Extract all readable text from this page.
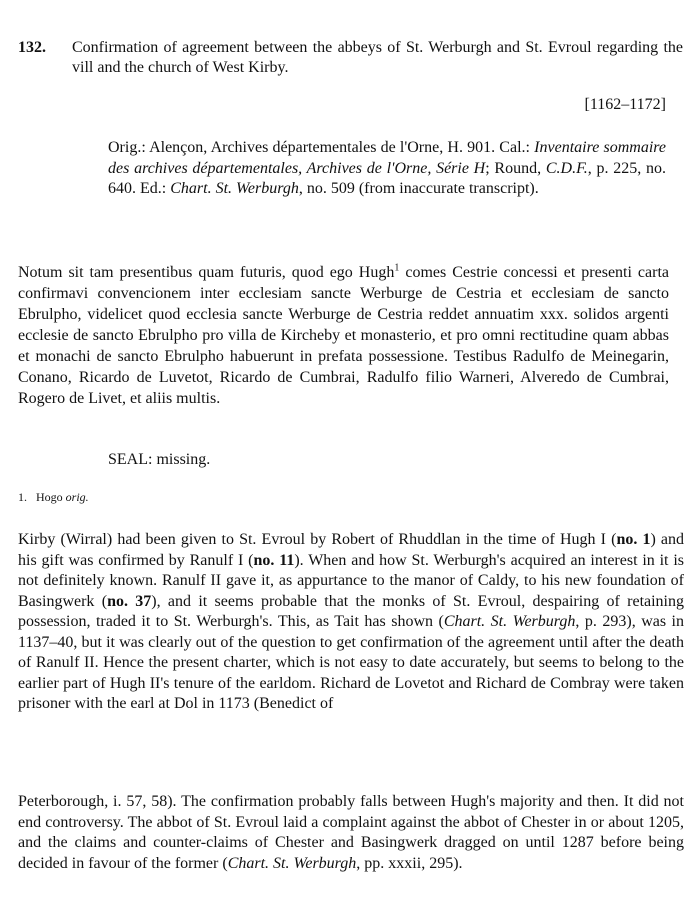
132. Confirmation of agreement between the abbeys of St. Werburgh and St. Evroul regarding the vill and the church of West Kirby.
[1162–1172]
Orig.: Alençon, Archives départementales de l'Orne, H. 901. Cal.: Inventaire sommaire des archives départementales, Archives de l'Orne, Série H; Round, C.D.F., p. 225, no. 640. Ed.: Chart. St. Werburgh, no. 509 (from inaccurate transcript).
Notum sit tam presentibus quam futuris, quod ego Hugh$^1$ comes Cestrie concessi et presenti carta confirmavi convencionem inter ecclesiam sancte Werburge de Cestria et ecclesiam de sancto Ebrulpho, videlicet quod ecclesia sancte Werburge de Cestria reddet annuatim xxx. solidos argenti ecclesie de sancto Ebrulpho pro villa de Kircheby et monasterio, et pro omni rectitudine quam abbas et monachi de sancto Ebrulpho habuerunt in prefata possessione. Testibus Radulfo de Meinegarin, Conano, Ricardo de Luvetot, Ricardo de Cumbrai, Radulfo filio Warneri, Alveredo de Cumbrai, Rogero de Livet, et aliis multis.
SEAL: missing.
1. Hogo orig.
Kirby (Wirral) had been given to St. Evroul by Robert of Rhuddlan in the time of Hugh I (no. 1) and his gift was confirmed by Ranulf I (no. 11). When and how St. Werburgh's acquired an interest in it is not definitely known. Ranulf II gave it, as appurtance to the manor of Caldy, to his new foundation of Basingwerk (no. 37), and it seems probable that the monks of St. Evroul, despairing of retaining possession, traded it to St. Werburgh's. This, as Tait has shown (Chart. St. Werburgh, p. 293), was in 1137–40, but it was clearly out of the question to get confirmation of the agreement until after the death of Ranulf II. Hence the present charter, which is not easy to date accurately, but seems to belong to the earlier part of Hugh II's tenure of the earldom. Richard de Lovetot and Richard de Combray were taken prisoner with the earl at Dol in 1173 (Benedict of
Peterborough, i. 57, 58). The confirmation probably falls between Hugh's majority and then. It did not end controversy. The abbot of St. Evroul laid a complaint against the abbot of Chester in or about 1205, and the claims and counter-claims of Chester and Basingwerk dragged on until 1287 before being decided in favour of the former (Chart. St. Werburgh, pp. xxxii, 295).
